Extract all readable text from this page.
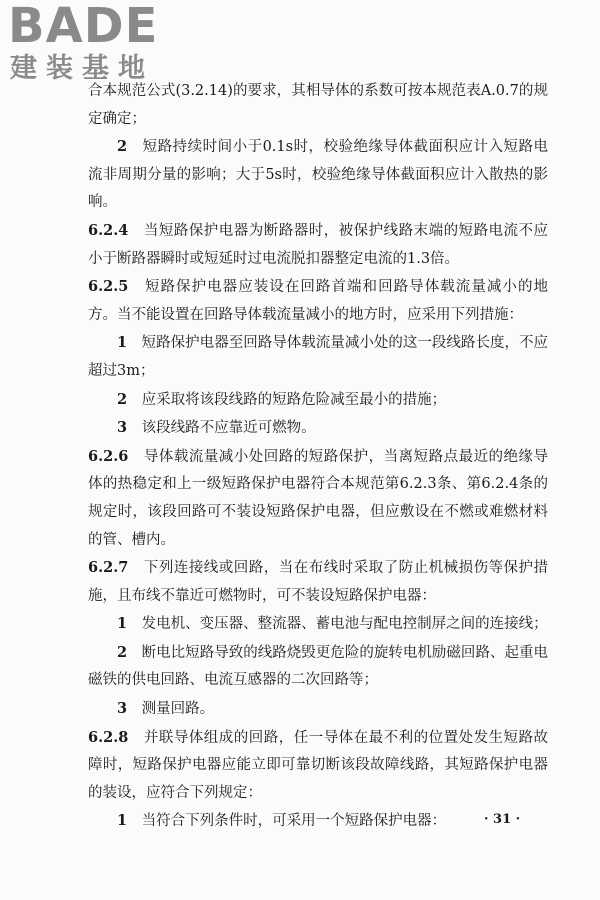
BADE
建装基地

合本规范公式(3.2.14)的要求，其相导体的系数可按本规范表A.0.7的规定确定；

2　 短路持续时间小于0.1s时，校验绝缘导体截面积应计入短路电流非周期分量的影响；大于5s时，校验绝缘导体截面积应计入散热的影响。

6.2.4　 当短路保护电器为断路器时，被保护线路末端的短路电流不应小于断路器瞬时或短延时过电流脱扣器整定电流的1.3倍。

6.2.5　 短路保护电器应装设在回路首端和回路导体载流量减小的地方。当不能设置在回路导体载流量减小的地方时，应采用下列措施：

1　 短路保护电器至回路导体载流量减小处的这一段线路长度，不应超过3m；

2　 应采取将该段线路的短路危险减至最小的措施；

3　 该段线路不应靠近可燃物。

6.2.6　 导体载流量减小处回路的短路保护，当离短路点最近的绝缘导体的热稳定和上一级短路保护电器符合本规范第6.2.3条、第6.2.4条的规定时，该段回路可不装设短路保护电器，但应敷设在不燃或难燃材料的管、槽内。

6.2.7　 下列连接线或回路，当在布线时采取了防止机械损伤等保护措施，且布线不靠近可燃物时，可不装设短路保护电器：

1　 发电机、变压器、整流器、蓄电池与配电控制屏之间的连接线；

2　 断电比短路导致的线路烧毁更危险的旋转电机励磁回路、起重电磁铁的供电回路、电流互感器的二次回路等；

3　 测量回路。

6.2.8　 并联导体组成的回路，任一导体在最不利的位置处发生短路故障时，短路保护电器应能立即可靠切断该段故障线路，其短路保护电器的装设，应符合下列规定：

1　 当符合下列条件时，可采用一个短路保护电器：	· 31 ·
